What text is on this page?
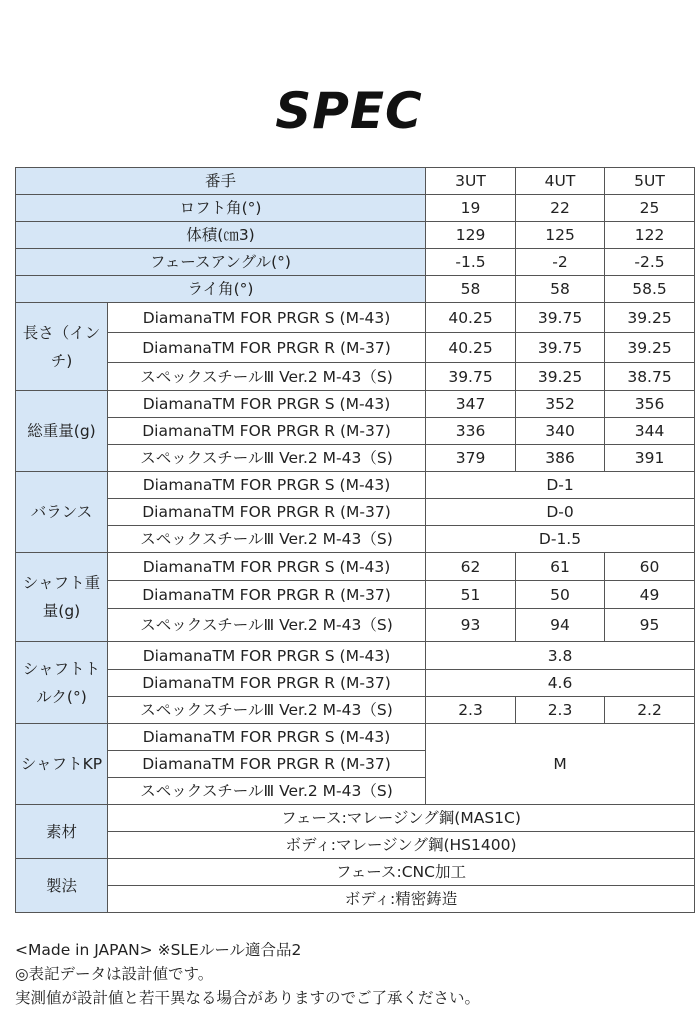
SPEC
番手		3UT	4UT	5UT
ロフト角(°)		19	22	25
体積(㎝3)		129	125	122
フェースアングル(°)		-1.5	-2	-2.5
ライ角(°)		58	58	58.5
長さ（インチ)	DiamanaTM FOR PRGR S (M-43)	40.25	39.75	39.25
	DiamanaTM FOR PRGR R (M-37)	40.25	39.75	39.25
	スペックスチールⅢ Ver.2 M-43（S)	39.75	39.25	38.75
総重量(g)	DiamanaTM FOR PRGR S (M-43)	347	352	356
	DiamanaTM FOR PRGR R (M-37)	336	340	344
	スペックスチールⅢ Ver.2 M-43（S)	379	386	391
バランス	DiamanaTM FOR PRGR S (M-43)	D-1		
	DiamanaTM FOR PRGR R (M-37)	D-0		
	スペックスチールⅢ Ver.2 M-43（S)	D-1.5		
シャフト重量(g)	DiamanaTM FOR PRGR S (M-43)	62	61	60
	DiamanaTM FOR PRGR R (M-37)	51	50	49
	スペックスチールⅢ Ver.2 M-43（S)	93	94	95
シャフトトルク(°)	DiamanaTM FOR PRGR S (M-43)	3.8		
	DiamanaTM FOR PRGR R (M-37)	4.6		
	スペックスチールⅢ Ver.2 M-43（S)	2.3	2.3	2.2
シャフトKP	DiamanaTM FOR PRGR S (M-43)	M		
	DiamanaTM FOR PRGR R (M-37)			
	スペックスチールⅢ Ver.2 M-43（S)			
素材	フェース:マレージング鋼(MAS1C)			
	ボディ:マレージング鋼(HS1400)			
製法	フェース:CNC加工			
	ボディ:精密鋳造			
<Made in JAPAN> ※SLEルール適合品2
◎表記データは設計値です。
実測値が設計値と若干異なる場合がありますのでご了承ください。
